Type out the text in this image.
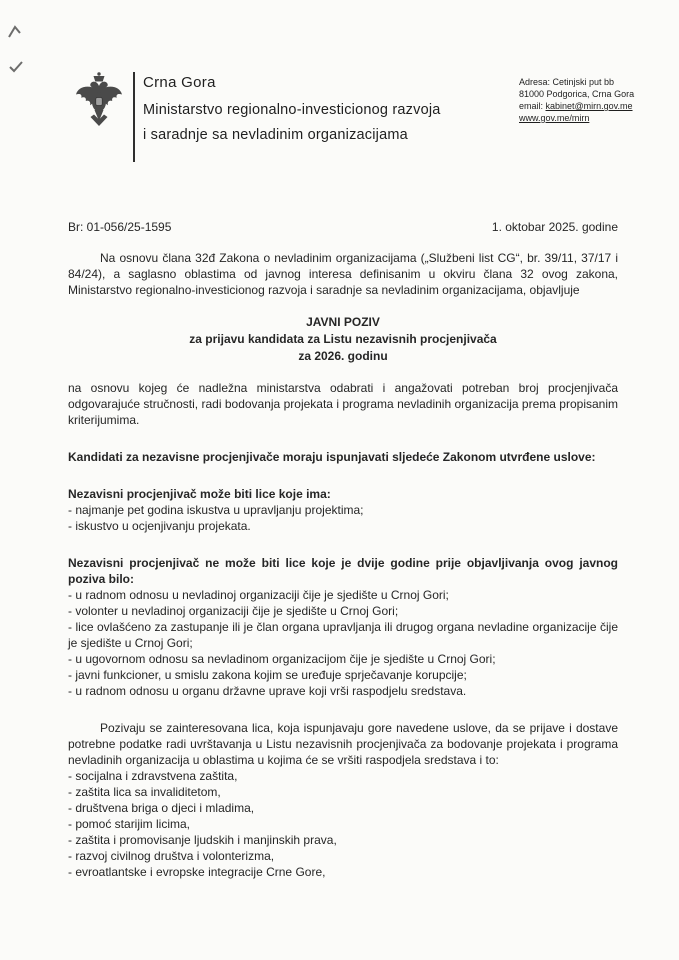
Crna Gora
Ministarstvo regionalno-investicionog razvoja
i saradnje sa nevladinim organizacijama
Adresa: Cetinjski put bb
81000 Podgorica, Crna Gora
email: kabinet@mirn.gov.me
www.gov.me/mirn
Br: 01-056/25-1595	1. oktobar 2025. godine

Na osnovu člana 32đ Zakona o nevladinim organizacijama („Službeni list CG“, br. 39/11, 37/17 i 84/24), a saglasno oblastima od javnog interesa definisanim u okviru člana 32 ovog zakona, Ministarstvo regionalno-investicionog razvoja i saradnje sa nevladinim organizacijama, objavljuje

JAVNI POZIV
za prijavu kandidata za Listu nezavisnih procjenjivača
za 2026. godinu

na osnovu kojeg će nadležna ministarstva odabrati i angažovati potreban broj procjenjivača odgovarajuće stručnosti, radi bodovanja projekata i programa nevladinih organizacija prema propisanim kriterijumima.

Kandidati za nezavisne procjenjivače moraju ispunjavati sljedeće Zakonom utvrđene uslove:

Nezavisni procjenjivač može biti lice koje ima:

- najmanje pet godina iskustva u upravljanju projektima;
- iskustvo u ocjenjivanju projekata.

Nezavisni procjenjivač ne može biti lice koje je dvije godine prije objavljivanja ovog javnog poziva bilo:

- u radnom odnosu u nevladinoj organizaciji čije je sjedište u Crnoj Gori;
- volonter u nevladinoj organizaciji čije je sjedište u Crnoj Gori;
- lice ovlašćeno za zastupanje ili je član organa upravljanja ili drugog organa nevladine organizacije čije je sjedište u Crnoj Gori;
- u ugovornom odnosu sa nevladinom organizacijom čije je sjedište u Crnoj Gori;
- javni funkcioner, u smislu zakona kojim se uređuje sprječavanje korupcije;
- u radnom odnosu u organu državne uprave koji vrši raspodjelu sredstava.

Pozivaju se zainteresovana lica, koja ispunjavaju gore navedene uslove, da se prijave i dostave potrebne podatke radi uvrštavanja u Listu nezavisnih procjenjivača za bodovanje projekata i programa nevladinih organizacija u oblastima u kojima će se vršiti raspodjela sredstava i to:

- socijalna i zdravstvena zaštita,
- zaštita lica sa invaliditetom,
- društvena briga o djeci i mladima,
- pomoć starijim licima,
- zaštita i promovisanje ljudskih i manjinskih prava,
- razvoj civilnog društva i volonterizma,
- evroatlantske i evropske integracije Crne Gore,
